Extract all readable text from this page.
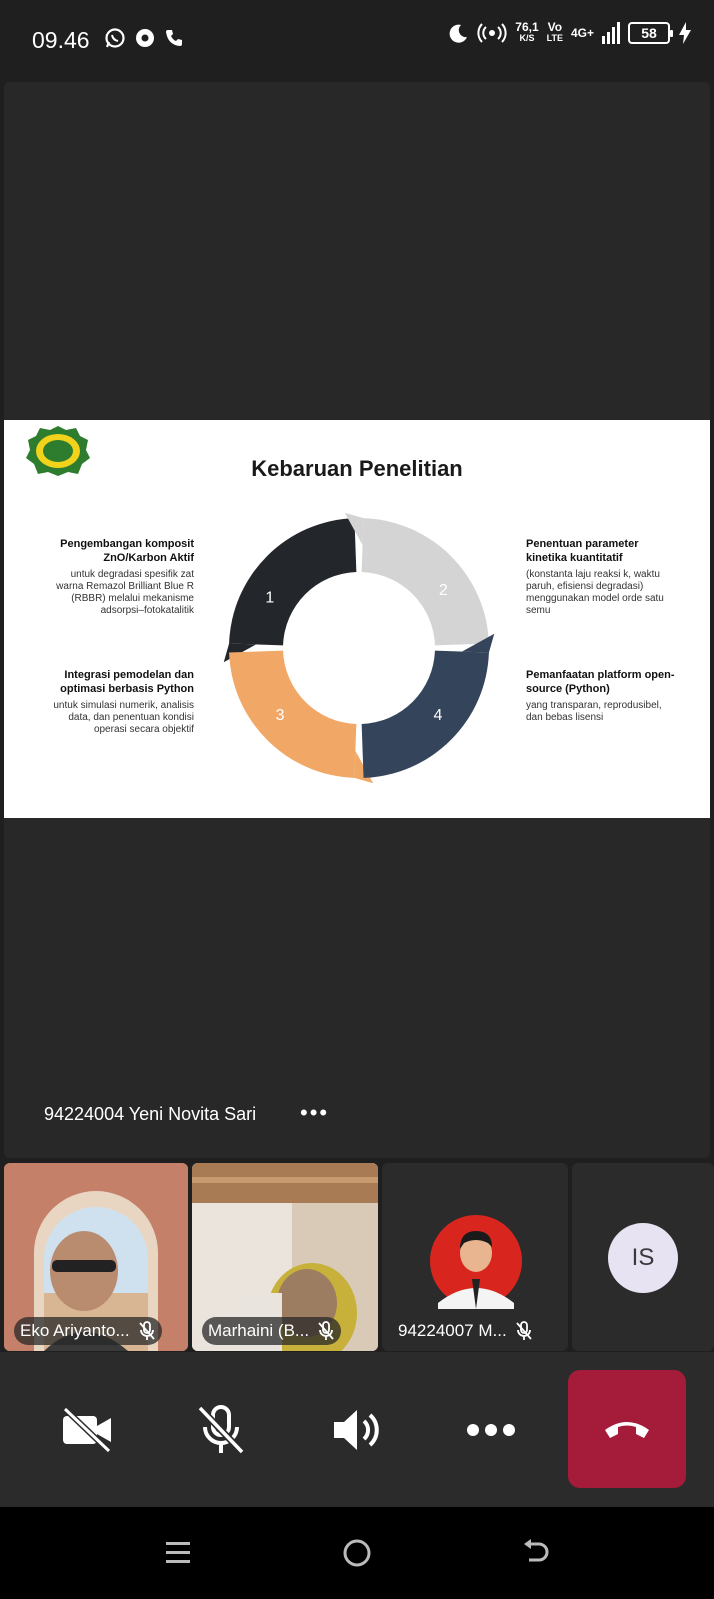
09.46	76,1
K/S
Vo
LTE 4G+	58
Kebaruan Penelitian
1	2
3	4
Pengembangan komposit ZnO/Karbon Aktif
untuk degradasi spesifik zat warna Remazol Brilliant Blue R (RBBR) melalui mekanisme adsorpsi–fotokatalitik
Penentuan parameter kinetika kuantitatif
(konstanta laju reaksi k, waktu paruh, efisiensi degradasi) menggunakan model orde satu semu
Integrasi pemodelan dan optimasi berbasis Python
untuk simulasi numerik, analisis data, dan penentuan kondisi operasi secara objektif
Pemanfaatan platform open-source (Python)
yang transparan, reprodusibel, dan bebas lisensi
94224004 Yeni Novita Sari •••
Eko Ariyanto...	Marhaini (B...	94224007 M...
IS
